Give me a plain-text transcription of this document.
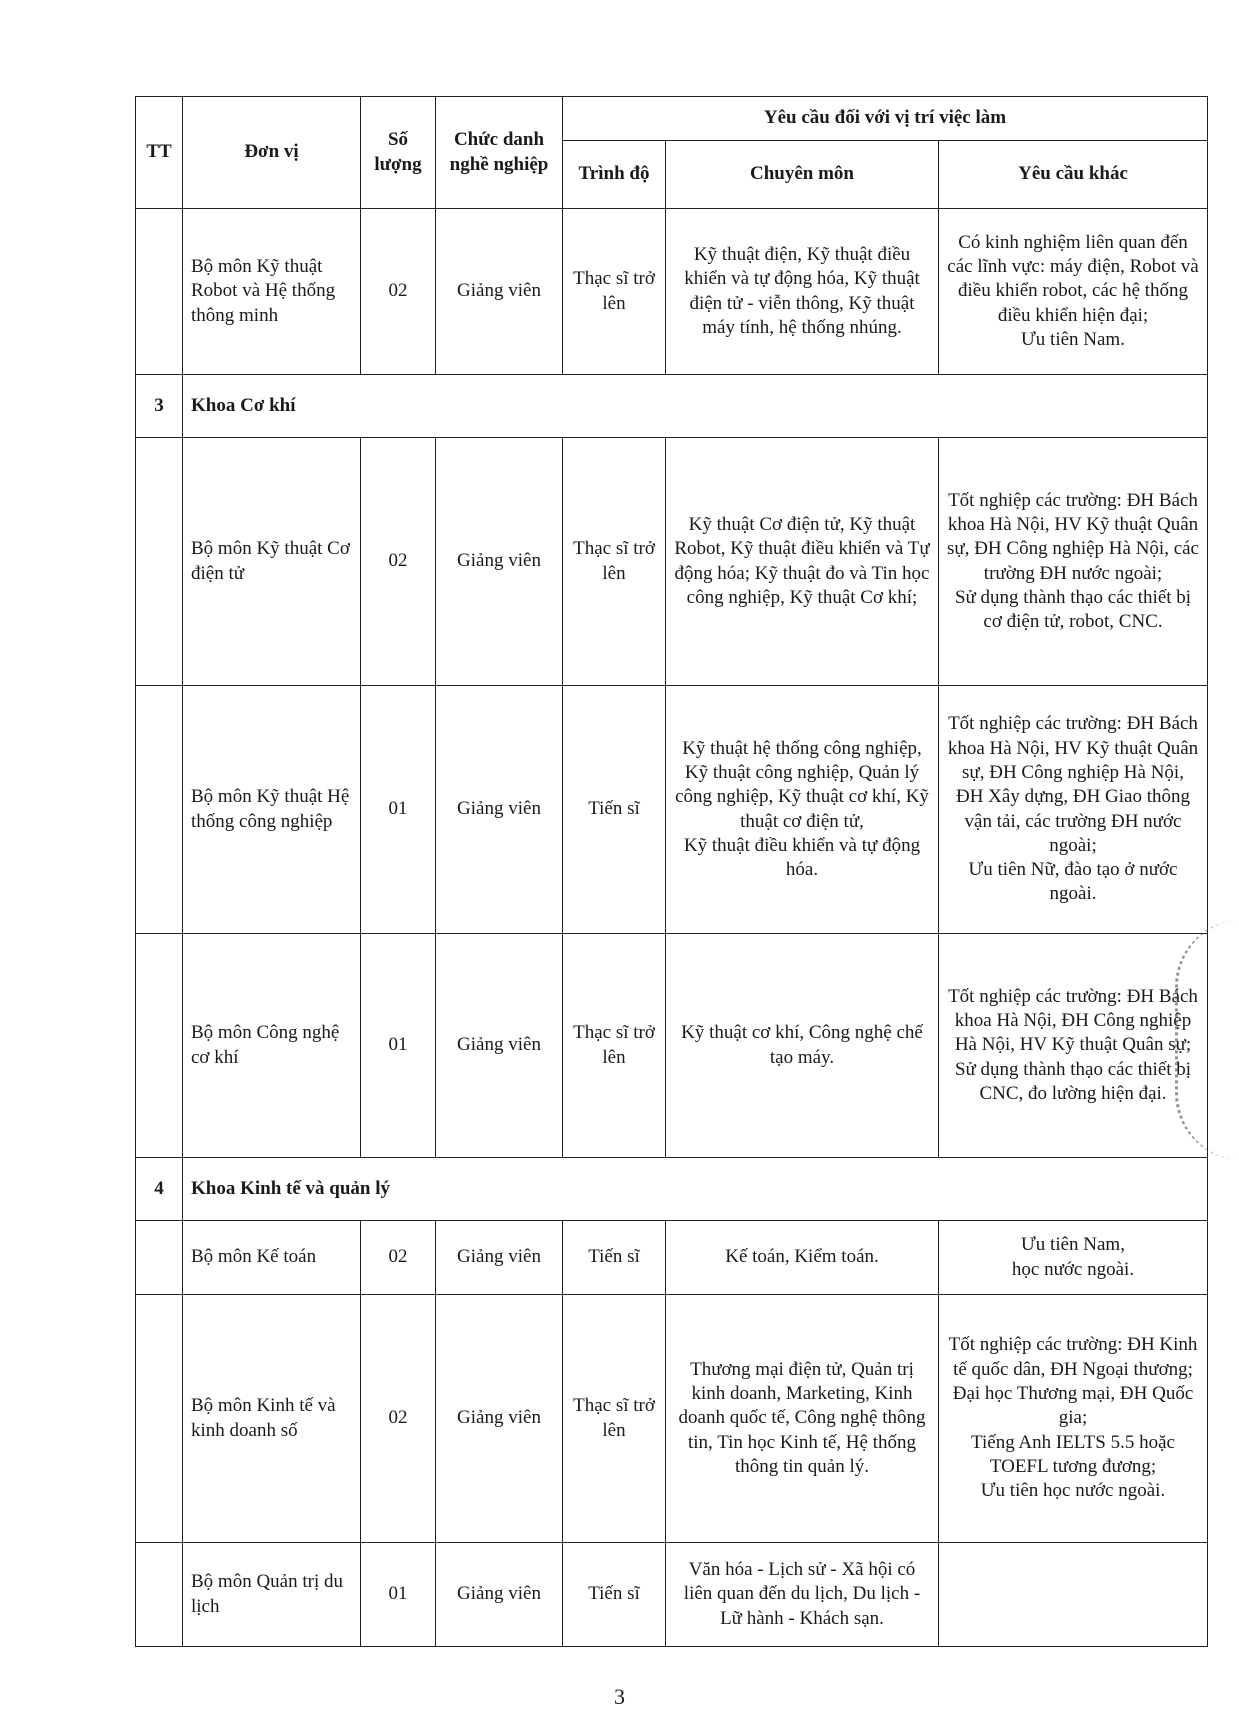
TT	Đơn vị	Số lượng	Chức danh nghề nghiệp	Yêu cầu đối với vị trí việc làm		
				Trình độ	Chuyên môn	Yêu cầu khác
	Bộ môn Kỹ thuật Robot và Hệ thống thông minh	02	Giảng viên	Thạc sĩ trở lên	Kỹ thuật điện, Kỹ thuật điều khiển và tự động hóa, Kỹ thuật điện tử - viễn thông, Kỹ thuật máy tính, hệ thống nhúng.	Có kinh nghiệm liên quan đến các lĩnh vực: máy điện, Robot và điều khiển robot, các hệ thống điều khiển hiện đại;
Ưu tiên Nam.
3	Khoa Cơ khí					
	Bộ môn Kỹ thuật Cơ điện tử	02	Giảng viên	Thạc sĩ trở lên	Kỹ thuật Cơ điện tử, Kỹ thuật Robot, Kỹ thuật điều khiển và Tự động hóa; Kỹ thuật đo và Tin học công nghiệp, Kỹ thuật Cơ khí;	Tốt nghiệp các trường: ĐH Bách khoa Hà Nội, HV Kỹ thuật Quân sự, ĐH Công nghiệp Hà Nội, các trường ĐH nước ngoài;
Sử dụng thành thạo các thiết bị cơ điện tử, robot, CNC.
	Bộ môn Kỹ thuật Hệ thống công nghiệp	01	Giảng viên	Tiến sĩ	Kỹ thuật hệ thống công nghiệp, Kỹ thuật công nghiệp, Quản lý công nghiệp, Kỹ thuật cơ khí, Kỹ thuật cơ điện tử,
Kỹ thuật điều khiển và tự động hóa.	Tốt nghiệp các trường: ĐH Bách khoa Hà Nội, HV Kỹ thuật Quân sự, ĐH Công nghiệp Hà Nội, ĐH Xây dựng, ĐH Giao thông vận tải, các trường ĐH nước ngoài;
Ưu tiên Nữ, đào tạo ở nước ngoài.
	Bộ môn Công nghệ cơ khí	01	Giảng viên	Thạc sĩ trở lên	Kỹ thuật cơ khí, Công nghệ chế tạo máy.	Tốt nghiệp các trường: ĐH Bách khoa Hà Nội, ĐH Công nghiệp Hà Nội, HV Kỹ thuật Quân sự;
Sử dụng thành thạo các thiết bị CNC, đo lường hiện đại.
4	Khoa Kinh tế và quản lý					
	Bộ môn Kế toán	02	Giảng viên	Tiến sĩ	Kế toán, Kiểm toán.	Ưu tiên Nam,
học nước ngoài.
	Bộ môn Kinh tế và kinh doanh số	02	Giảng viên	Thạc sĩ trở lên	Thương mại điện tử, Quản trị kinh doanh, Marketing, Kinh doanh quốc tế, Công nghệ thông tin, Tin học Kinh tế, Hệ thống thông tin quản lý.	Tốt nghiệp các trường: ĐH Kinh tế quốc dân, ĐH Ngoại thương; Đại học Thương mại, ĐH Quốc gia;
Tiếng Anh IELTS 5.5 hoặc TOEFL tương đương;
Ưu tiên học nước ngoài.
	Bộ môn Quản trị du lịch	01	Giảng viên	Tiến sĩ	Văn hóa - Lịch sử - Xã hội có liên quan đến du lịch, Du lịch - Lữ hành - Khách sạn.	
3
